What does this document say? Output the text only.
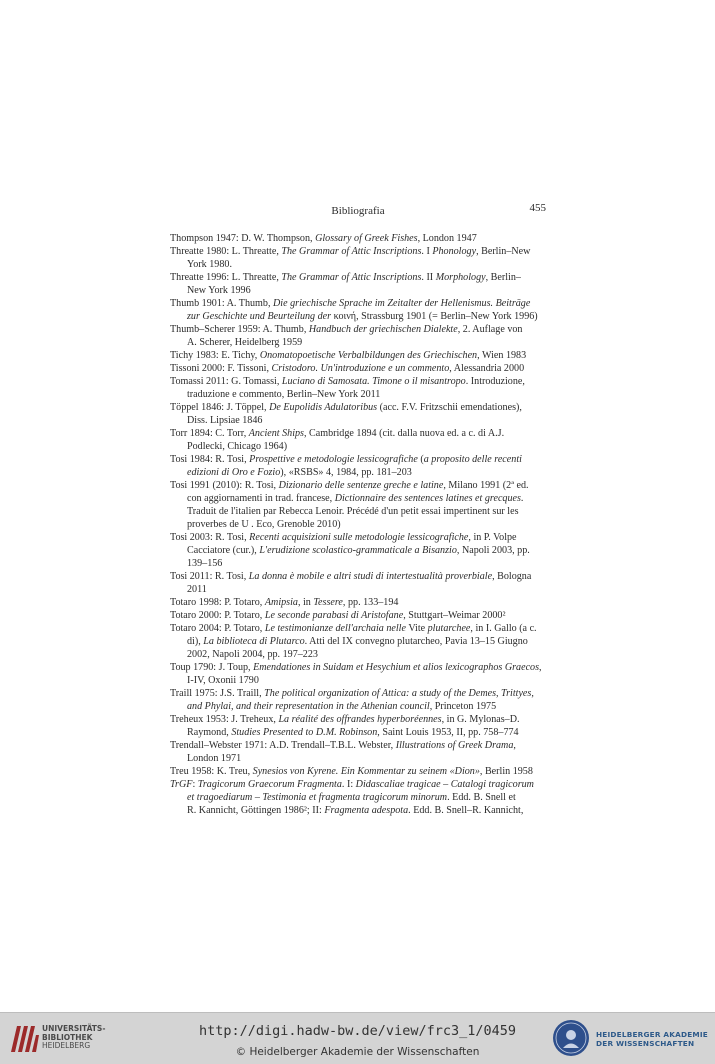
Bibliografia	455
Thompson 1947: D. W. Thompson, Glossary of Greek Fishes, London 1947
Threatte 1980: L. Threatte, The Grammar of Attic Inscriptions. I Phonology, Berlin–New
York 1980.
Threatte 1996: L. Threatte, The Grammar of Attic Inscriptions. II Morphology, Berlin–
New York 1996
Thumb 1901: A. Thumb, Die griechische Sprache im Zeitalter der Hellenismus. Beiträge
zur Geschichte und Beurteilung der κοινή, Strassburg 1901 (= Berlin–New York 1996)
Thumb–Scherer 1959: A. Thumb, Handbuch der griechischen Dialekte, 2. Auflage von
A. Scherer, Heidelberg 1959
Tichy 1983: E. Tichy, Onomatopoetische Verbalbildungen des Griechischen, Wien 1983
Tissoni 2000: F. Tissoni, Cristodoro. Un'introduzione e un commento, Alessandria 2000
Tomassi 2011: G. Tomassi, Luciano di Samosata. Timone o il misantropo. Introduzione,
traduzione e commento, Berlin–New York 2011
Töppel 1846: J. Töppel, De Eupolidis Adulatoribus (acc. F.V. Fritzschii emendationes),
Diss. Lipsiae 1846
Torr 1894: C. Torr, Ancient Ships, Cambridge 1894 (cit. dalla nuova ed. a c. di A.J.
Podlecki, Chicago 1964)
Tosi 1984: R. Tosi, Prospettive e metodologie lessicografiche (a proposito delle recenti
edizioni di Oro e Fozio), «RSBS» 4, 1984, pp. 181–203
Tosi 1991 (2010): R. Tosi, Dizionario delle sentenze greche e latine, Milano 1991 (2ª ed.
con aggiornamenti in trad. francese, Dictionnaire des sentences latines et grecques.
Traduit de l'italien par Rebecca Lenoir. Précédé d'un petit essai impertinent sur les
proverbes de U . Eco, Grenoble 2010)
Tosi 2003: R. Tosi, Recenti acquisizioni sulle metodologie lessicografiche, in P. Volpe
Cacciatore (cur.), L'erudizione scolastico-grammaticale a Bisanzio, Napoli 2003, pp.
139–156
Tosi 2011: R. Tosi, La donna è mobile e altri studi di intertestualità proverbiale, Bologna
2011
Totaro 1998: P. Totaro, Amipsia, in Tessere, pp. 133–194
Totaro 2000: P. Totaro, Le seconde parabasi di Aristofane, Stuttgart–Weimar 2000²
Totaro 2004: P. Totaro, Le testimonianze dell'archaia nelle Vite plutarchee, in I. Gallo (a c.
di), La biblioteca di Plutarco. Atti del IX convegno plutarcheo, Pavia 13–15 Giugno
2002, Napoli 2004, pp. 197–223
Toup 1790: J. Toup, Emendationes in Suidam et Hesychium et alios lexicographos Graecos,
I-IV, Oxonii 1790
Traill 1975: J.S. Traill, The political organization of Attica: a study of the Demes, Trittyes,
and Phylai, and their representation in the Athenian council, Princeton 1975
Treheux 1953: J. Treheux, La réalité des offrandes hyperboréennes, in G. Mylonas–D.
Raymond, Studies Presented to D.M. Robinson, Saint Louis 1953, II, pp. 758–774
Trendall–Webster 1971: A.D. Trendall–T.B.L. Webster, Illustrations of Greek Drama,
London 1971
Treu 1958: K. Treu, Synesios von Kyrene. Ein Kommentar zu seinem «Dion», Berlin 1958
TrGF: Tragicorum Graecorum Fragmenta. I: Didascaliae tragicae – Catalogi tragicorum
et tragoediarum – Testimonia et fragmenta tragicorum minorum. Edd. B. Snell et
R. Kannicht, Göttingen 1986²; II: Fragmenta adespota. Edd. B. Snell–R. Kannicht,
UNIVERSITÄTS-
BIBLIOTHEK
HEIDELBERG
http://digi.hadw-bw.de/view/frc3_1/0459
© Heidelberger Akademie der Wissenschaften
HEIDELBERGER AKADEMIE
DER WISSENSCHAFTEN
